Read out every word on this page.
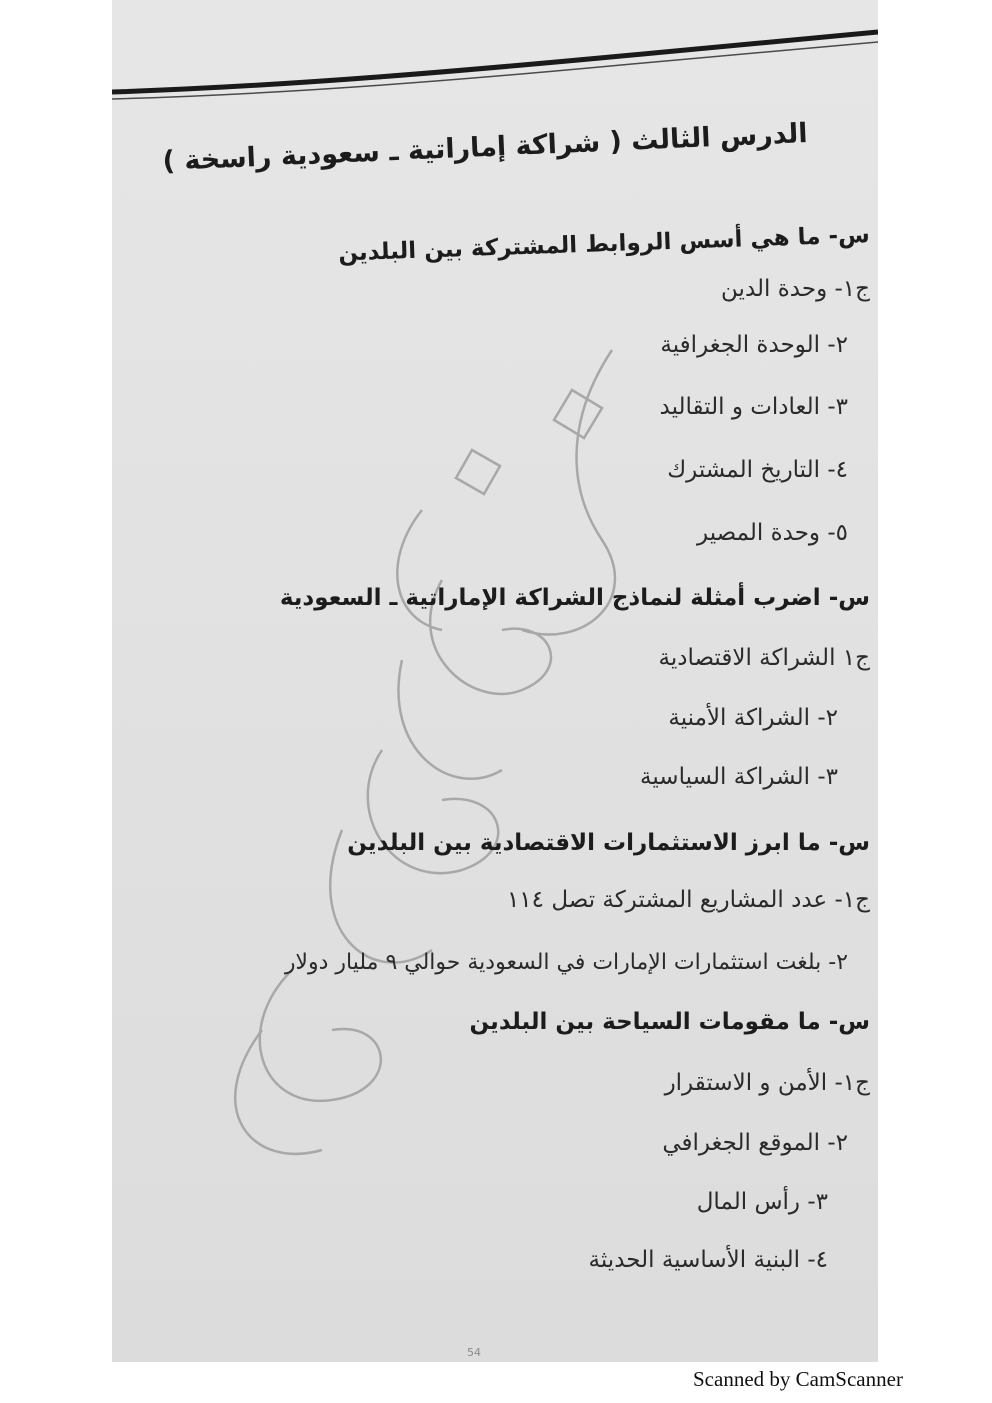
الدرس الثالث ( شراكة إماراتية ـ سعودية راسخة )
س- ما هي أسس الروابط المشتركة بين البلدين
ج١- وحدة الدين
٢- الوحدة الجغرافية
٣- العادات و التقاليد
٤- التاريخ المشترك
٥- وحدة المصير
س- اضرب أمثلة لنماذج الشراكة الإماراتية ـ السعودية
ج١ الشراكة الاقتصادية
٢- الشراكة الأمنية
٣- الشراكة السياسية
س- ما ابرز الاستثمارات الاقتصادية بين البلدين
ج١- عدد المشاريع المشتركة تصل ١١٤
٢- بلغت استثمارات الإمارات في السعودية حوالي ٩ مليار دولار
س- ما مقومات السياحة بين البلدين
ج١- الأمن و الاستقرار
٢- الموقع الجغرافي
٣- رأس المال
٤- البنية الأساسية الحديثة
54
Scanned by CamScanner
